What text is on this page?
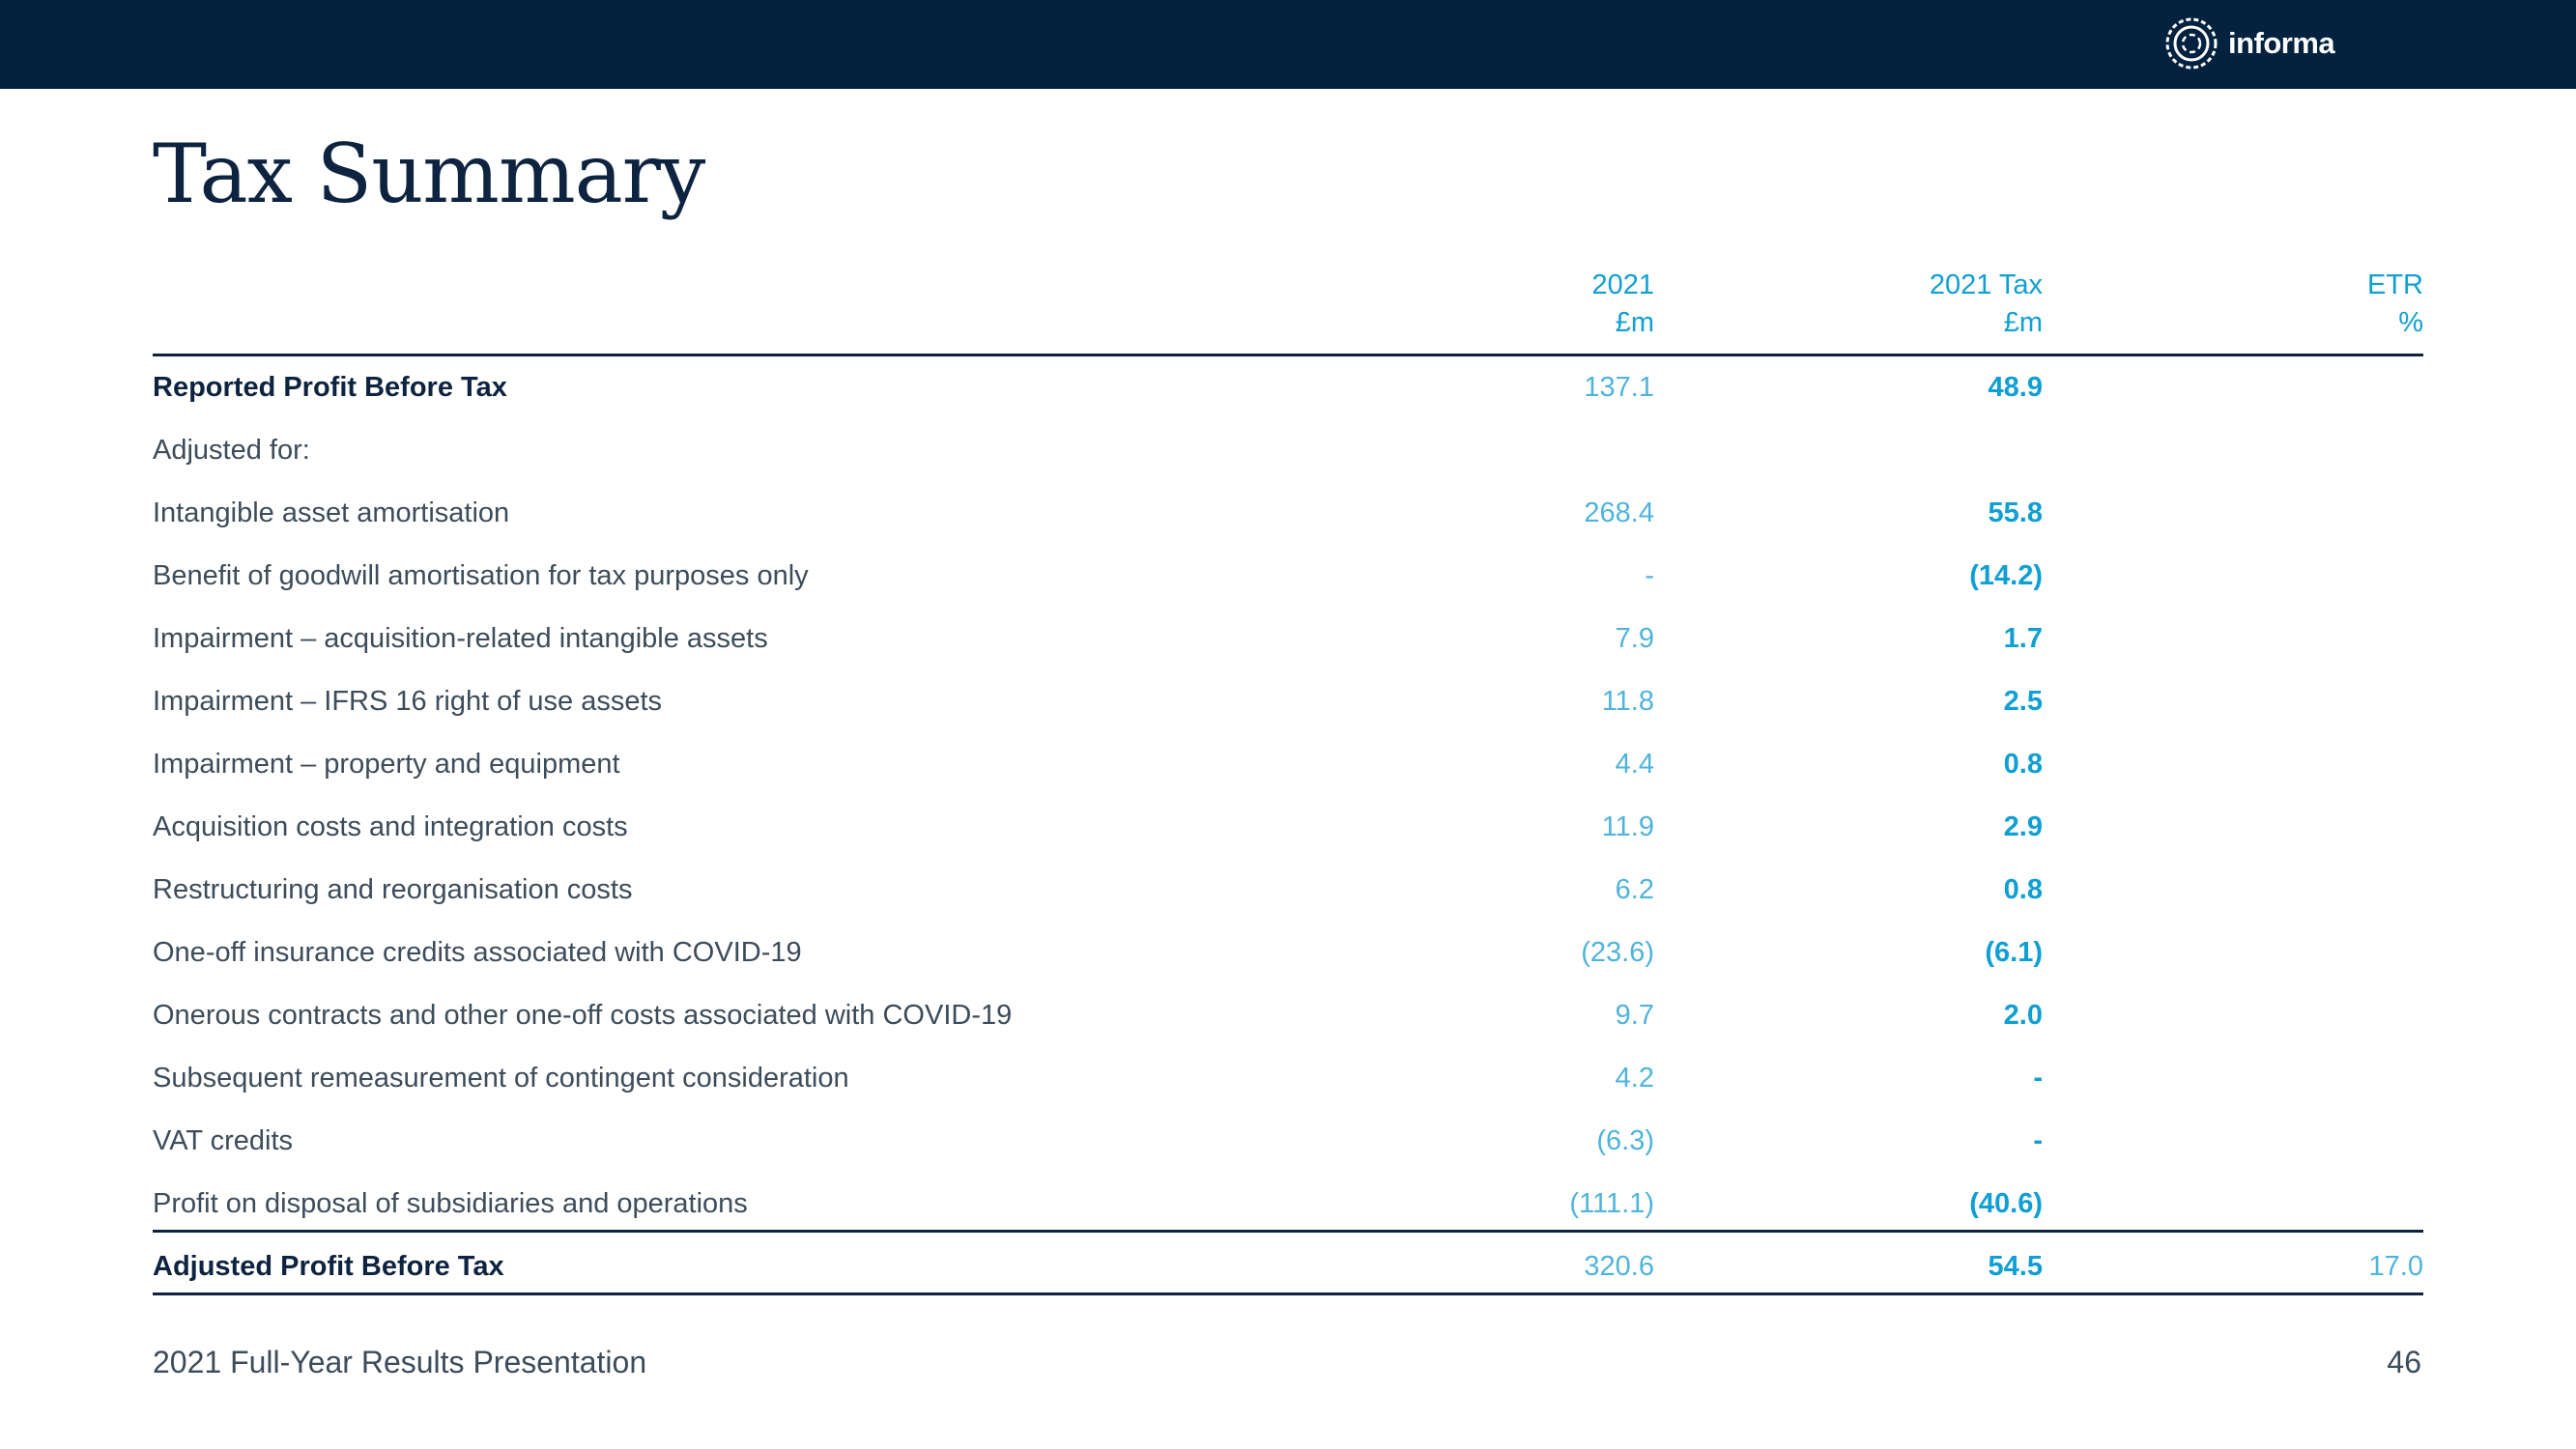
informa
Tax Summary
2021
£m
2021 Tax
£m
ETR
%
Reported Profit Before Tax	137.1	48.9
Adjusted for:
Intangible asset amortisation	268.4	55.8
Benefit of goodwill amortisation for tax purposes only	-	(14.2)
Impairment – acquisition-related intangible assets	7.9	1.7
Impairment – IFRS 16 right of use assets	11.8	2.5
Impairment – property and equipment	4.4	0.8
Acquisition costs and integration costs	11.9	2.9
Restructuring and reorganisation costs	6.2	0.8
One-off insurance credits associated with COVID-19	(23.6)	(6.1)
Onerous contracts and other one-off costs associated with COVID-19	9.7	2.0
Subsequent remeasurement of contingent consideration	4.2	-
VAT credits	(6.3)	-
Profit on disposal of subsidiaries and operations	(111.1)	(40.6)
Adjusted Profit Before Tax	320.6	54.5	17.0
2021 Full-Year Results Presentation	46
